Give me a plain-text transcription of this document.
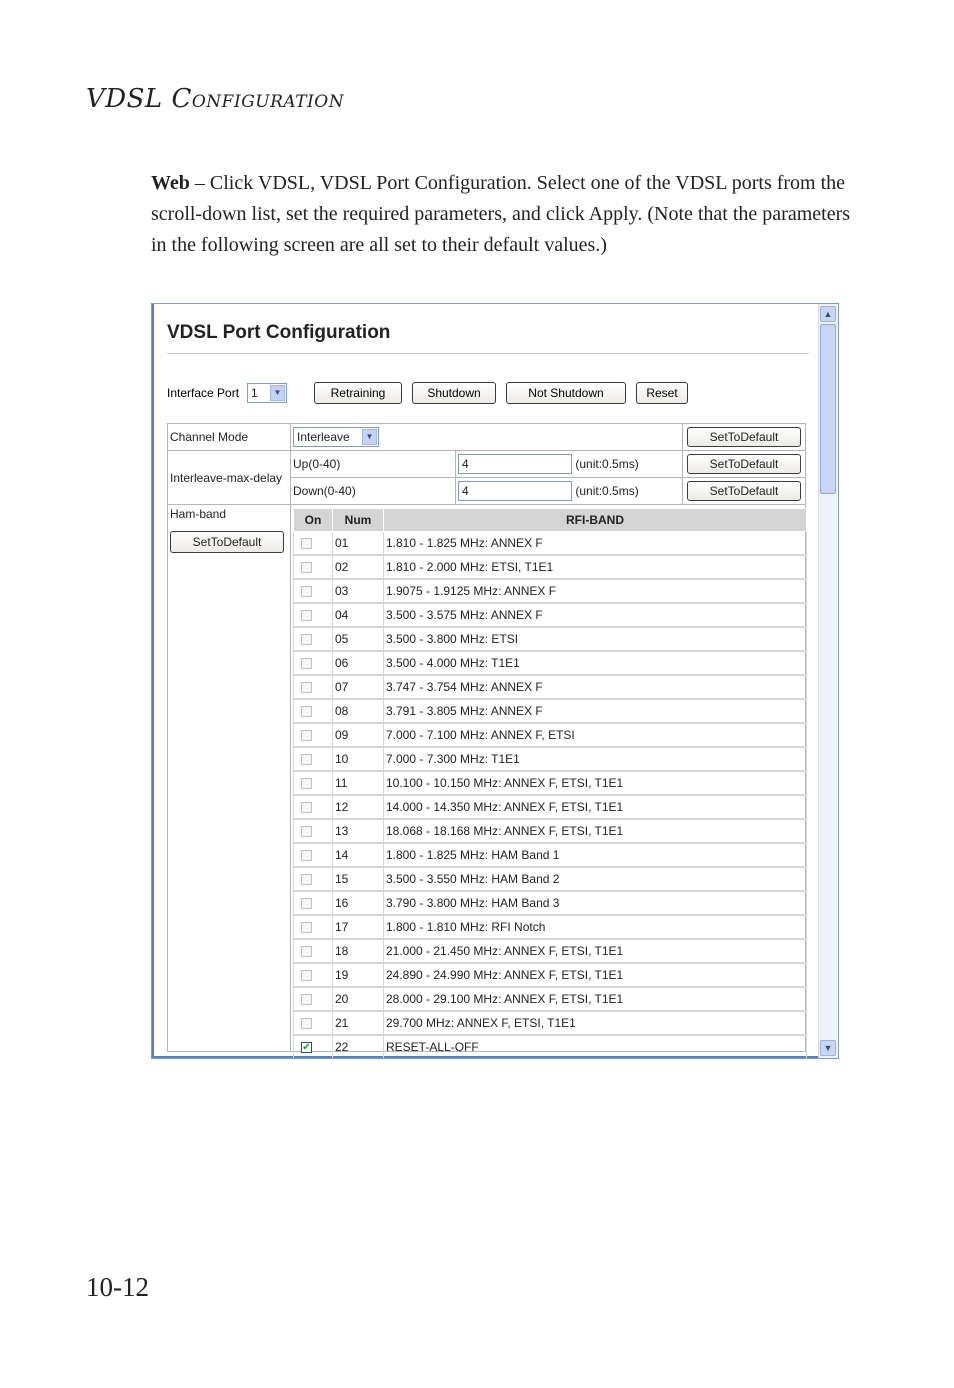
VDSL CONFIGURATION
Web – Click VDSL, VDSL Port Configuration. Select one of the VDSL ports from the scroll-down list, set the required parameters, and click Apply. (Note that the parameters in the following screen are all set to their default values.)
VDSL Port Configuration
Interface Port 1	▼	Retraining	Shutdown	Not Shutdown	Reset
Channel Mode	Interleave ▼		SetToDefault
Interleave-max-delay	Up(0-40)	4 (unit:0.5ms)	SetToDefault
	Down(0-40)	4 (unit:0.5ms)	SetToDefault

Ham-band
SetToDefault			

On	Num	RFI-BAND
	01	1.810 - 1.825 MHz: ANNEX F
	02	1.810 - 2.000 MHz: ETSI, T1E1
	03	1.9075 - 1.9125 MHz: ANNEX F
	04	3.500 - 3.575 MHz: ANNEX F
	05	3.500 - 3.800 MHz: ETSI
	06	3.500 - 4.000 MHz: T1E1
	07	3.747 - 3.754 MHz: ANNEX F
	08	3.791 - 3.805 MHz: ANNEX F
	09	7.000 - 7.100 MHz: ANNEX F, ETSI
	10	7.000 - 7.300 MHz: T1E1
	11	10.100 - 10.150 MHz: ANNEX F, ETSI, T1E1
	12	14.000 - 14.350 MHz: ANNEX F, ETSI, T1E1
	13	18.068 - 18.168 MHz: ANNEX F, ETSI, T1E1
	14	1.800 - 1.825 MHz: HAM Band 1
	15	3.500 - 3.550 MHz: HAM Band 2
	16	3.790 - 3.800 MHz: HAM Band 3
	17	1.800 - 1.810 MHz: RFI Notch
	18	21.000 - 21.450 MHz: ANNEX F, ETSI, T1E1
	19	24.890 - 24.990 MHz: ANNEX F, ETSI, T1E1
	20	28.000 - 29.100 MHz: ANNEX F, ETSI, T1E1
	21	29.700 MHz: ANNEX F, ETSI, T1E1
✔	22	RESET-ALL-OFF
▲
▼
10-12
